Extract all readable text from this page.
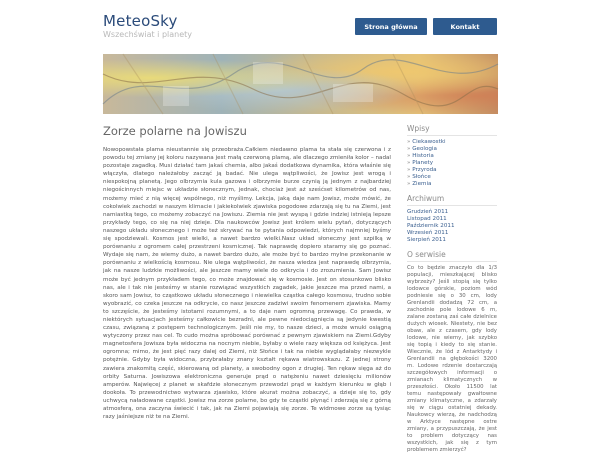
MeteoSky
Wszechświat i planety
Strona główna	Kontakt
Zorze polarne na Jowiszu
Nowopowstała plama nieustannie się przeobraża.Całkiem niedawno plama ta stała się czerwona i z powodu tej zmiany jej koloru nazywana jest małą czerwoną plamą, ale dlaczego zmieniła kolor – nadal pozostaje zagadką. Musi działać tam jakaś chemia, albo jakaś dodatkowa dynamika, która właśnie się włączyła, dlatego należałoby zacząć ją badać. Nie ulega wątpliwości, że Jowisz jest wrogą i niespokojną planetą. Jego olbrzymia kula gazowa i olbrzymie burze czynią ją jednym z najbardziej niegościnnych miejsc w układzie słonecznym, jednak, chociaż jest aż sześćset kilometrów od nas, możemy mieć z nią więcej wspólnego, niż myślimy. Lekcja, jaką daje nam Jowisz, może mówić, że cokolwiek zachodzi w naszym klimacie i jakiekolwiek zjawiska pogodowe zdarzają się tu na Ziemi, jest namiastką tego, co możemy zobaczyć na Jowiszu. Ziemia nie jest wyspą i gdzie indziej istnieją lepsze przykłady tego, co się na niej dzieje. Dla naukowców Jowisz jest królem wielu pytań, dotyczących naszego układu słonecznego i może też skrywać na te pytania odpowiedzi, których najmniej byśmy się spodziewali. Kosmos jest wielki, a nawet bardzo wielki.Nasz układ słoneczny jest szpilką w porównaniu z ogromem całej przestrzeni kosmicznej. Tak naprawdę dopiero staramy się go poznać. Wydaje się nam, że wiemy dużo, a nawet bardzo dużo, ale może być to bardzo mylne przekonanie w porównaniu z wielkością kosmosu. Nie ulega wątpliwości, że nasza wiedza jest naprawdę olbrzymia, jak na nasze ludzkie możliwości, ale jeszcze mamy wiele do odkrycia i do zrozumienia. Sam Jowisz może być jednym przykładem tego, co może znajdować się w kosmosie. Jest on stosunkowo blisko nas, ale i tak nie jesteśmy w stanie rozwiązać wszystkich zagadek, jakie jeszcze ma przed nami, a skoro sam Jowisz, to cząstkowo układu słonecznego i niewielka cząstka całego kosmosu, trudno sobie wyobrazić, co czeka jeszcze na odkrycie, co nasz jeszcze zadziwi swoim fenomenem zjawiska. Mamy to szczęście, że jesteśmy istotami rozumnymi, a to daje nam ogromną przewagę. Co prawda, w niektórych sytuacjach jesteśmy całkowicie bezradni, ale pewne niedociągnięcia są jedynie kwestią czasu, związaną z postępem technologicznym. Jeśli nie my, to nasze dzieci, a może wnuki osiągną wytyczony przez nas cel. To cudo można spróbować porównać z pewnym zjawiskiem na Ziemi.Gdyby magnetosfera Jowisza była widoczna na nocnym niebie, byłaby o wiele razy większa od księżyca. Jest ogromna; mimo, że jest pięć razy dalej od Ziemi, niż Słońce i tak na niebie wyglądałaby niezwykle potężnie. Gdyby była widoczna, przybrałaby znany kształt rękawa wiatrowskazu. Z jednej strony zawiera znakomitą część, skierowaną od planety, a swobodny ogon z drugiej. Ten rękaw sięga aż do orbity Saturna. Jowiszowa elektroniczna generuje prąd o natężeniu nawet dziesięciu milionów amperów. Najwięcej z planet w skafdzie słonecznym przewodzi prąd w każdym kierunku w głąb i dookoła. To przewodnictwo wytwarza zjawisko, które akurat można zobaczyć, a dzieje się to, gdy uchwycą naładowane cząstki. Jowisz ma zorze polarne, bo gdy te cząstki płynąć i zderzają się z górną atmosferą, ona zaczyna świecić i tak, jak na Ziemi pojawiają się zorze. Te widmowe zorze są tysiąc razy jaśniejsze niż te na Ziemi.
Wpisy
» Ciekawostki
» Geologia
» Historia
» Planety
» Przyroda
» Słońce
» Ziemia
Archiwum
Grudzień 2011
Listopad 2011
Październik 2011
Wrzesień 2011
Sierpień 2011
O serwisie
Co to będzie znaczyło dla 1/3 populacji, mieszkającej blisko wybrzeży? Jeśli stopią się tylko lodowce górskie, poziom wód podniesie się o 30 cm, lody Grenlandii dodadzą 72 cm, a zachodnie pole lodowe 6 m, zalane zostaną zaś całe dzielnice dużych wiosek. Niestety, nie bez obaw, ale z czasem, gdy lody lodowe, nie wiemy, jak szybko się topią i kiedy to się stanie. Wiecznie, że lód z Antarktydy i Grenlandii na głębokości 3200 m. Lodowe rdzenie dostarczają szczegółowych informacji o zmianach klimatycznych w przeszłości. Około 11500 lat temu następowały gwałtowne zmiany klimatyczne, a zdarzały się w ciągu ostatniej dekady. Naukowcy wierzą, że nadchodzą w Arktyce następne ostre zmiany, a przypuszczają, że jest to problem dotyczący nas wszystkich, jak się z tym problemem zmierzyć?
